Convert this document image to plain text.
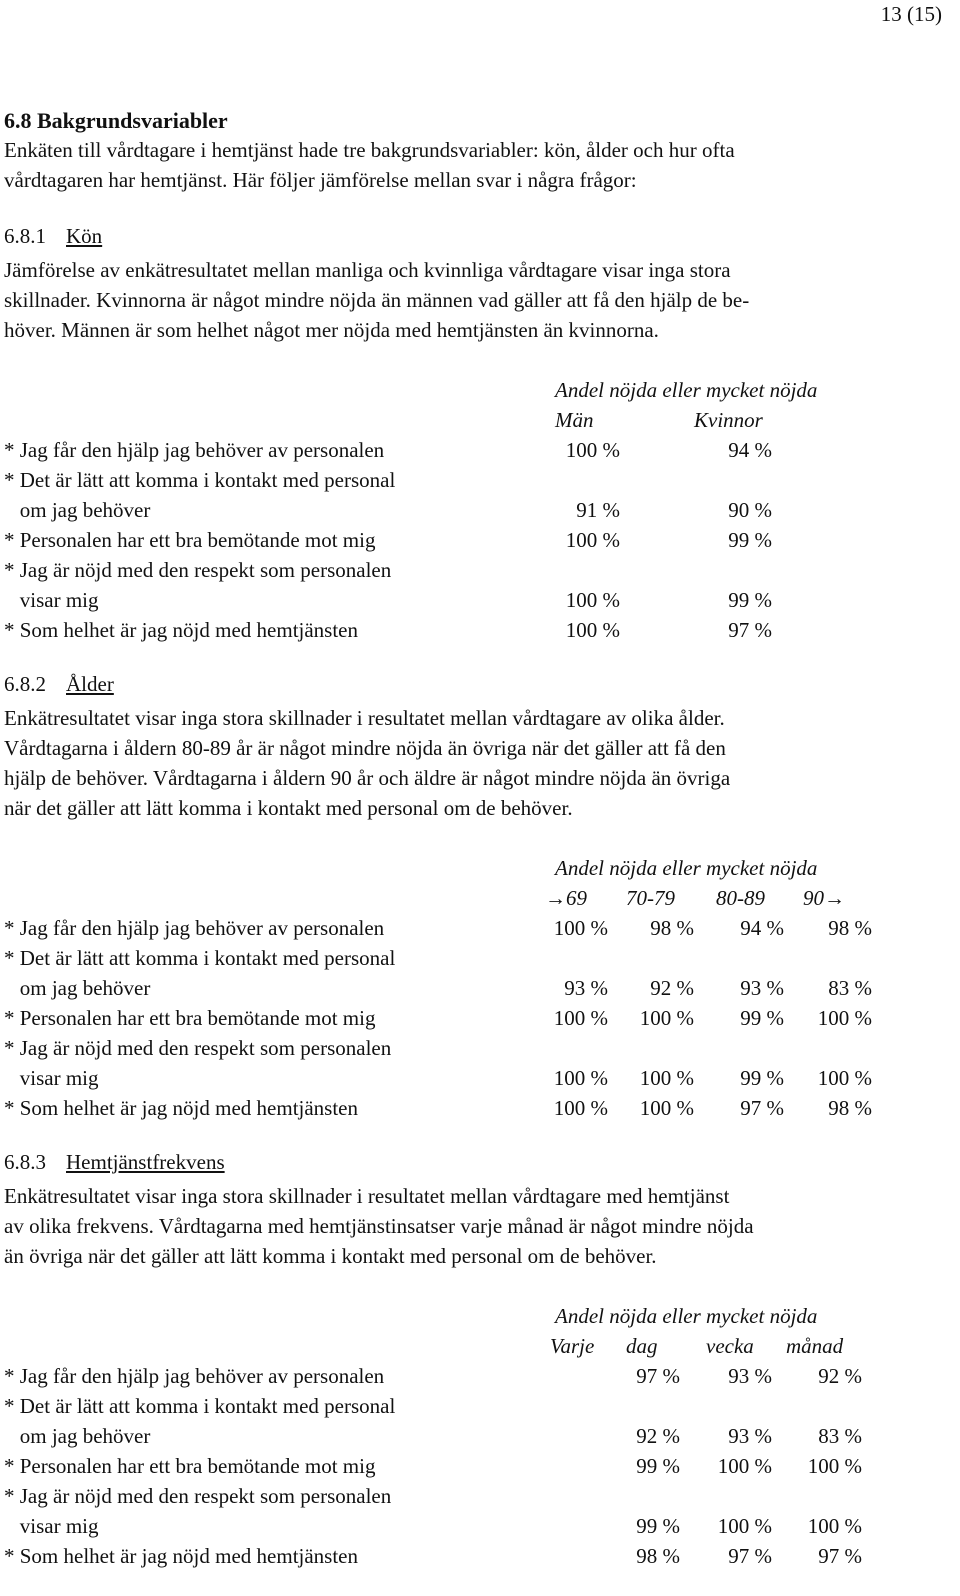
13 (15)
6.8 Bakgrundsvariabler
Enkäten till vårdtagare i hemtjänst hade tre bakgrundsvariabler: kön, ålder och hur ofta
vårdtagaren har hemtjänst. Här följer jämförelse mellan svar i några frågor:
6.8.1 Kön
Jämförelse av enkätresultatet mellan manliga och kvinnliga vårdtagare visar inga stora
skillnader. Kvinnorna är något mindre nöjda än männen vad gäller att få den hjälp de be-
höver. Männen är som helhet något mer nöjda med hemtjänsten än kvinnorna.
Andel nöjda eller mycket nöjda
Män	Kvinnor
* Jag får den hjälp jag behöver av personalen	100 %	94 %
* Det är lätt att komma i kontakt med personal
om jag behöver	91 %	90 %
* Personalen har ett bra bemötande mot mig	100 %	99 %
* Jag är nöjd med den respekt som personalen
visar mig	100 %	99 %
* Som helhet är jag nöjd med hemtjänsten	100 %	97 %
6.8.2 Ålder
Enkätresultatet visar inga stora skillnader i resultatet mellan vårdtagare av olika ålder.
Vårdtagarna i åldern 80-89 år är något mindre nöjda än övriga när det gäller att få den
hjälp de behöver. Vårdtagarna i åldern 90 år och äldre är något mindre nöjda än övriga
när det gäller att lätt komma i kontakt med personal om de behöver.
Andel nöjda eller mycket nöjda
→69 70-79 80-89 90→
* Jag får den hjälp jag behöver av personalen	100 % 98 % 94 % 98 %
* Det är lätt att komma i kontakt med personal
om jag behöver	93 % 92 % 93 % 83 %
* Personalen har ett bra bemötande mot mig	100 % 100 % 99 % 100 %
* Jag är nöjd med den respekt som personalen
visar mig	100 % 100 % 99 % 100 %
* Som helhet är jag nöjd med hemtjänsten	100 % 100 % 97 % 98 %
6.8.3 Hemtjänstfrekvens
Enkätresultatet visar inga stora skillnader i resultatet mellan vårdtagare med hemtjänst
av olika frekvens. Vårdtagarna med hemtjänstinsatser varje månad är något mindre nöjda
än övriga när det gäller att lätt komma i kontakt med personal om de behöver.
Andel nöjda eller mycket nöjda
Varje dag vecka månad
* Jag får den hjälp jag behöver av personalen	97 % 93 % 92 %
* Det är lätt att komma i kontakt med personal
om jag behöver	92 % 93 % 83 %
* Personalen har ett bra bemötande mot mig	99 % 100 % 100 %
* Jag är nöjd med den respekt som personalen
visar mig	99 % 100 % 100 %
* Som helhet är jag nöjd med hemtjänsten	98 % 97 % 97 %
